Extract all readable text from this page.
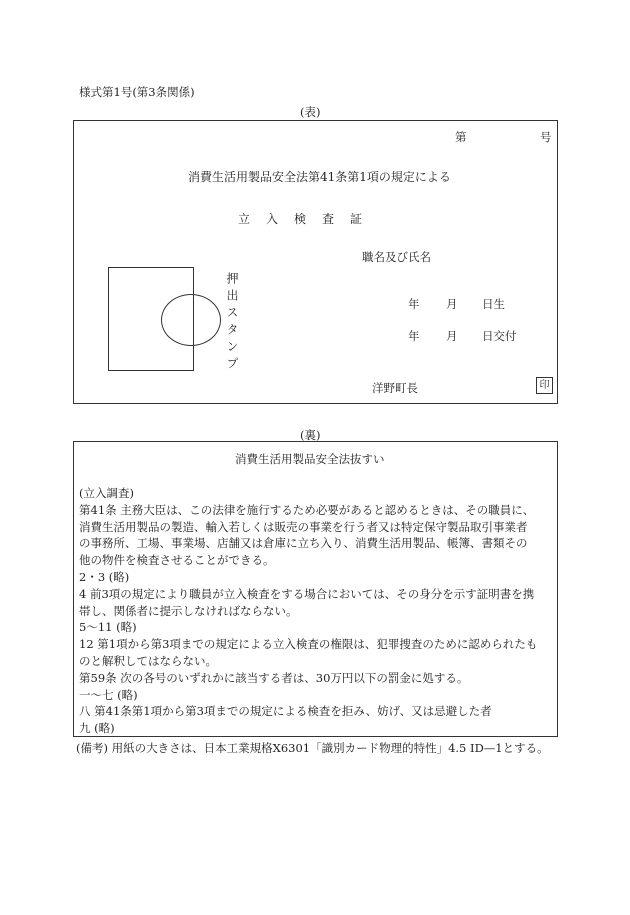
様式第1号(第3条関係)
(表)
第	号
消費生活用製品安全法第41条第1項の規定による
立 入 検 査 証
職名及び氏名
押出スタンプ	年 月 日生
年 月 日交付
洋野町長	印
(裏)
消費生活用製品安全法抜すい
(立入調査)
第41条 主務大臣は、この法律を施行するため必要があると認めるときは、その職員に、
消費生活用製品の製造、輸入若しくは販売の事業を行う者又は特定保守製品取引事業者
の事務所、工場、事業場、店舗又は倉庫に立ち入り、消費生活用製品、帳簿、書類その
他の物件を検査させることができる。
2・3 (略)
4 前3項の規定により職員が立入検査をする場合においては、その身分を示す証明書を携
帯し、関係者に提示しなければならない。
5〜11 (略)
12 第1項から第3項までの規定による立入検査の権限は、犯罪捜査のために認められたも
のと解釈してはならない。
第59条 次の各号のいずれかに該当する者は、30万円以下の罰金に処する。
一〜七 (略)
八 第41条第1項から第3項までの規定による検査を拒み、妨げ、又は忌避した者
九 (略)
(備考) 用紙の大きさは、日本工業規格X6301「識別カード物理的特性」4.5 ID—1とする。
